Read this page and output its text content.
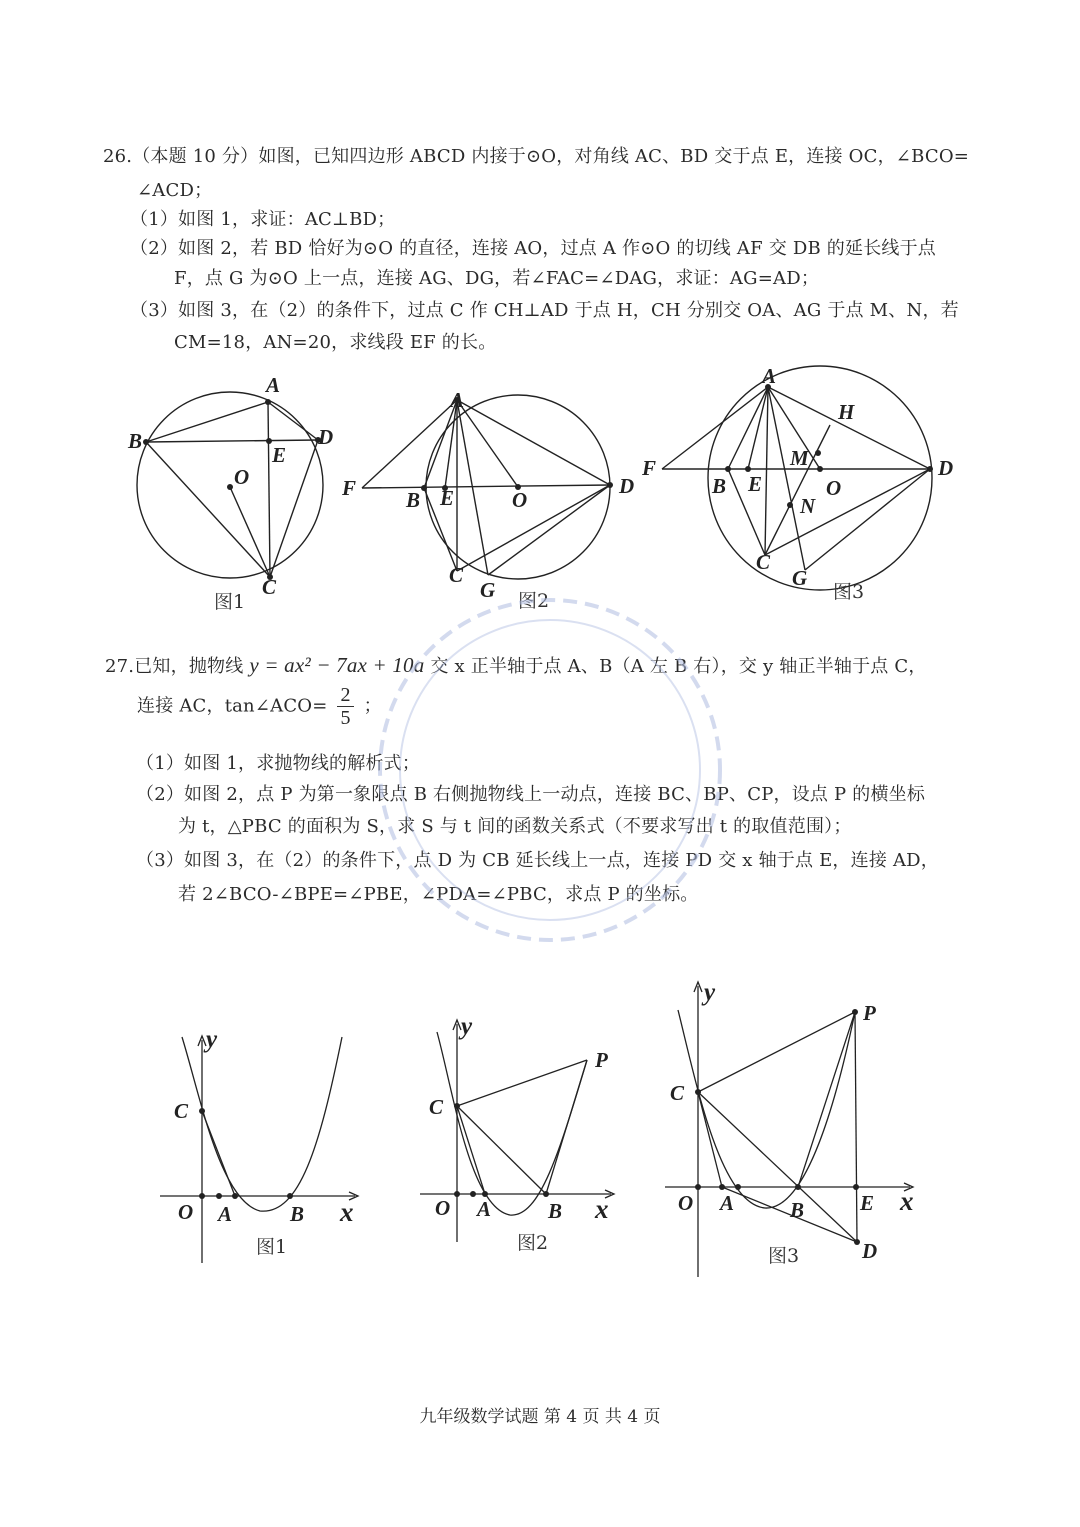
26.（本题 10 分）如图，已知四边形 ABCD 内接于⊙O，对角线 AC、BD 交于点 E，连接 OC，∠BCO=
∠ACD；
（1）如图 1，求证：AC⊥BD；
（2）如图 2，若 BD 恰好为⊙O 的直径，连接 AO，过点 A 作⊙O 的切线 AF 交 DB 的延长线于点
F，点 G 为⊙O 上一点，连接 AG、DG，若∠FAC=∠DAG，求证：AG=AD；
（3）如图 3，在（2）的条件下，过点 C 作 CH⊥AD 于点 H，CH 分别交 OA、AG 于点 M、N，若
CM=18，AN=20，求线段 EF 的长。
A
B	D
E
O
C
图1
A
F B E	O
D
C
G 图2
A
H
F	M	D
B E	O
N
C
G
图3
27.已知，抛物线 y = ax² − 7ax + 10a 交 x 正半轴于点 A、B（A 左 B 右），交 y 轴正半轴于点 C，
连接 AC，tan∠ACO= $\frac{2}{5}$ ；
（1）如图 1，求抛物线的解析式；
（2）如图 2，点 P 为第一象限点 B 右侧抛物线上一动点，连接 BC、BP、CP，设点 P 的横坐标
为 t，△PBC 的面积为 S，求 S 与 t 间的函数关系式（不要求写出 t 的取值范围）；
（3）如图 3，在（2）的条件下，点 D 为 CB 延长线上一点，连接 PD 交 x 轴于点 E，连接 AD，
若 2∠BCO-∠BPE=∠PBE，∠PDA=∠PBC，求点 P 的坐标。
y
C
O A	B x
图1
y
P
C
O A	B x
图2
y
P
C
O A	B	E x
D
图3
九年级数学试题 第 4 页 共 4 页
